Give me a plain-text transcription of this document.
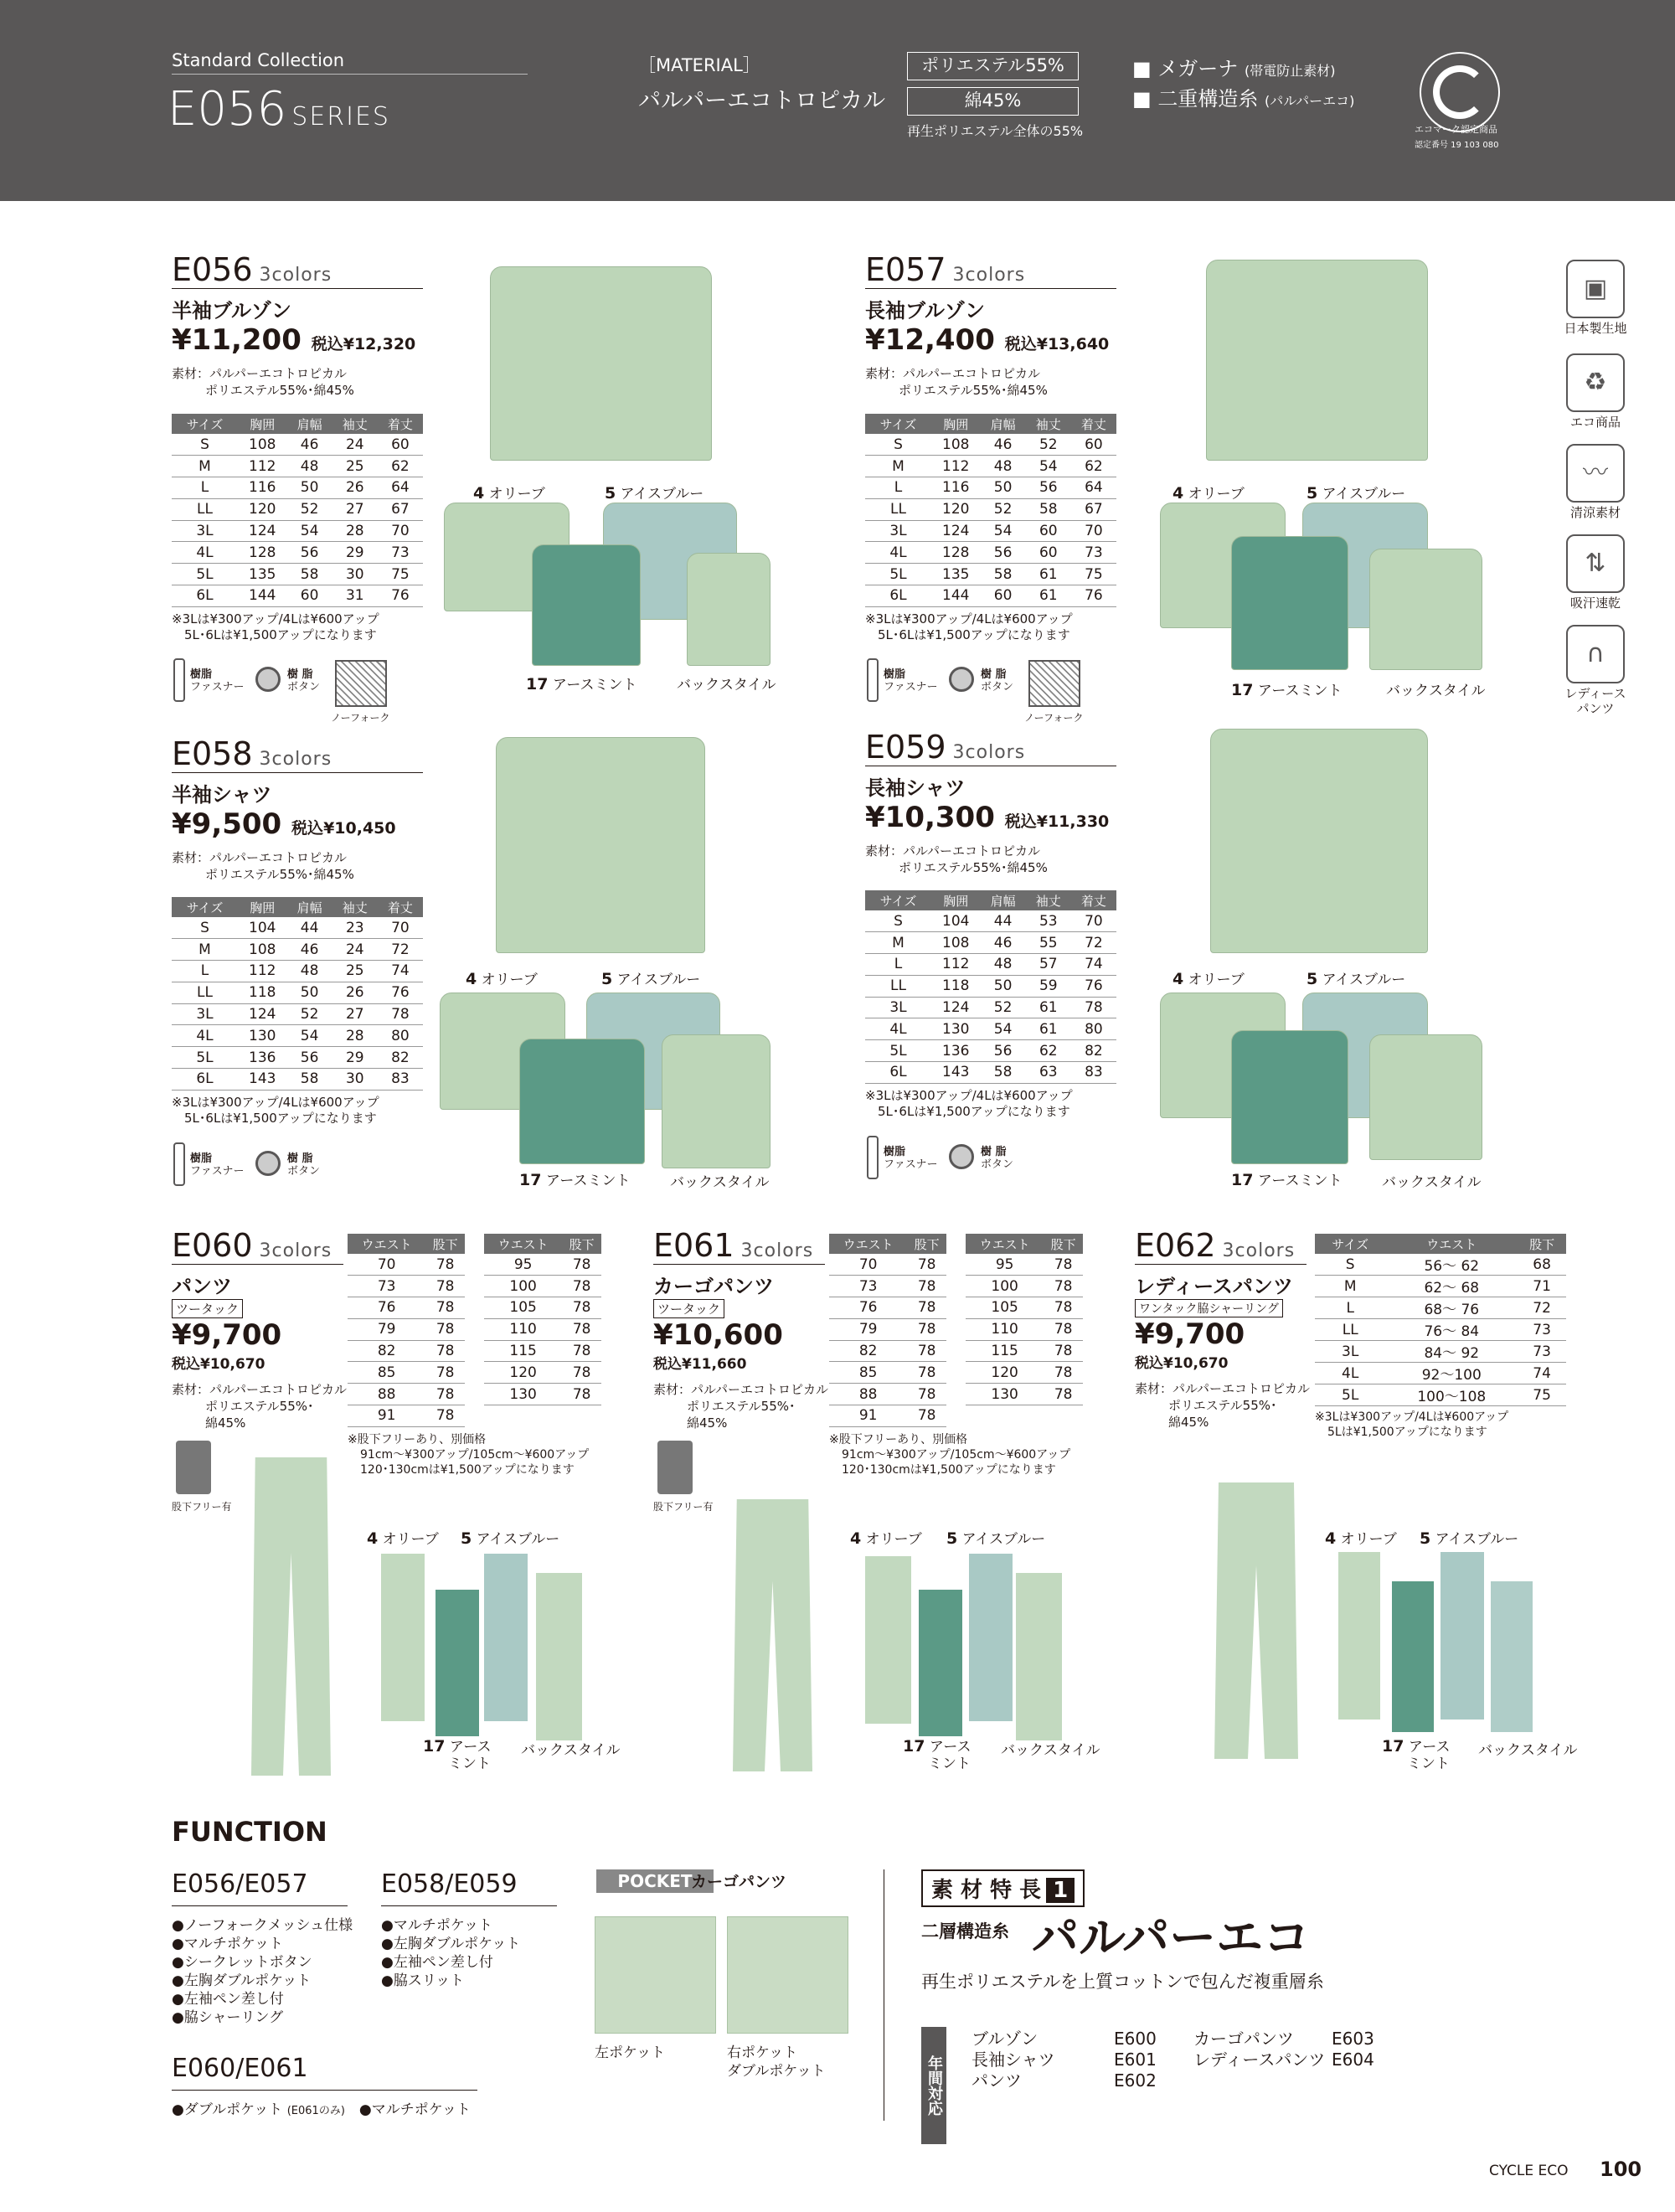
Standard Collection
E056 SERIES
［MATERIAL］
パルパーエコトロピカル
ポリエステル55%
綿45%
再生ポリエステル全体の55%
■ メガーナ (帯電防止素材)
■ 二重構造糸 (パルパーエコ)
エコマーク認定商品
認定番号 19 103 080
▣
日本製生地
♻
エコ商品
〰
清涼素材
⇅
吸汗速乾
∩
レディース
パンツ
E056 3colors
半袖ブルゾン
¥11,200 税込¥12,320
素材：パルパーエコトロピカル
ポリエステル55%･綿45%
サイズ	胸囲	肩幅	袖丈	着丈
S	108	46	24	60
M	112	48	25	62
L	116	50	26	64
LL	120	52	27	67
3L	124	54	28	70
4L	128	56	29	73
5L	135	58	30	75
6L	144	60	31	76
※3Lは¥300アップ/4Lは¥600アップ
5L･6Lは¥1,500アップになります
樹脂
ファスナー
樹 脂
ボタン
ノーフォーク
E057 3colors
長袖ブルゾン
¥12,400 税込¥13,640
素材：パルパーエコトロピカル
ポリエステル55%･綿45%
サイズ	胸囲	肩幅	袖丈	着丈
S	108	46	52	60
M	112	48	54	62
L	116	50	56	64
LL	120	52	58	67
3L	124	54	60	70
4L	128	56	60	73
5L	135	58	61	75
6L	144	60	61	76
※3Lは¥300アップ/4Lは¥600アップ
5L･6Lは¥1,500アップになります
樹脂
ファスナー
樹 脂
ボタン
ノーフォーク
E058 3colors
半袖シャツ
¥9,500 税込¥10,450
素材：パルパーエコトロピカル
ポリエステル55%･綿45%
サイズ	胸囲	肩幅	袖丈	着丈
S	104	44	23	70
M	108	46	24	72
L	112	48	25	74
LL	118	50	26	76
3L	124	52	27	78
4L	130	54	28	80
5L	136	56	29	82
6L	143	58	30	83
※3Lは¥300アップ/4Lは¥600アップ
5L･6Lは¥1,500アップになります
樹脂
ファスナー
樹 脂
ボタン
E059 3colors
長袖シャツ
¥10,300 税込¥11,330
素材：パルパーエコトロピカル
ポリエステル55%･綿45%
サイズ	胸囲	肩幅	袖丈	着丈
S	104	44	53	70
M	108	46	55	72
L	112	48	57	74
LL	118	50	59	76
3L	124	52	61	78
4L	130	54	61	80
5L	136	56	62	82
6L	143	58	63	83
※3Lは¥300アップ/4Lは¥600アップ
5L･6Lは¥1,500アップになります
樹脂
ファスナー
樹 脂
ボタン
4 オリーブ	5 アイスブルー
17 アースミント	バックスタイル
4 オリーブ	5 アイスブルー
17 アースミント	バックスタイル
4 オリーブ	5 アイスブルー
17 アースミント	バックスタイル
4 オリーブ	5 アイスブルー
17 アースミント	バックスタイル
E060 3colors
パンツ
ツータック
¥9,700
税込¥10,670
素材：パルパーエコトロピカル
ポリエステル55%･
綿45%
ウエスト	股下
70	78
73	78
76	78
79	78
82	78
85	78
88	78
91	78
ウエスト	股下
95	78
100	78
105	78
110	78
115	78
120	78
130	78
※股下フリーあり、別価格
91cm～¥300アップ/105cm～¥600アップ
120･130cmは¥1,500アップになります
股下フリー有
E061 3colors
カーゴパンツ
ツータック
¥10,600
税込¥11,660
素材：パルパーエコトロピカル
ポリエステル55%･
綿45%
ウエスト	股下
70	78
73	78
76	78
79	78
82	78
85	78
88	78
91	78
ウエスト	股下
95	78
100	78
105	78
110	78
115	78
120	78
130	78
※股下フリーあり、別価格
91cm～¥300アップ/105cm～¥600アップ
120･130cmは¥1,500アップになります
股下フリー有
E062 3colors
レディースパンツ
ワンタック脇シャーリング
¥9,700
税込¥10,670
素材：パルパーエコトロピカル
ポリエステル55%･
綿45%
サイズ	ウエスト	股下
S	56～ 62	68
M	62～ 68	71
L	68～ 76	72
LL	76～ 84	73
3L	84～ 92	73
4L	92～100	74
5L	100～108	75
※3Lは¥300アップ/4Lは¥600アップ
5Lは¥1,500アップになります
4 オリーブ 5 アイスブルー
17 アース
ミント
バックスタイル
4 オリーブ 5 アイスブルー
17 アース
ミント
バックスタイル
4 オリーブ 5 アイスブルー
17 アース
ミント
バックスタイル
FUNCTION
E056/E057
●ノーフォークメッシュ仕様
●マルチポケット
●シークレットボタン
●左胸ダブルポケット
●左袖ペン差し付
●脇シャーリング
E058/E059
●マルチポケット
●左胸ダブルポケット
●左袖ペン差し付
●脇スリット
E060/E061
●ダブルポケット (E061のみ)　 ●マルチポケット
POCKET
カーゴパンツ
左ポケット	右ポケット
ダブルポケット
素 材 特 長 1
二層構造糸 パルパーエコ
再生ポリエステルを上質コットンで包んだ複重層糸
年間対応
ブルゾン	E600
長袖シャツ	E601
パンツ	E602
カーゴパンツ E603
レディースパンツ E604
CYCLE ECO 100
